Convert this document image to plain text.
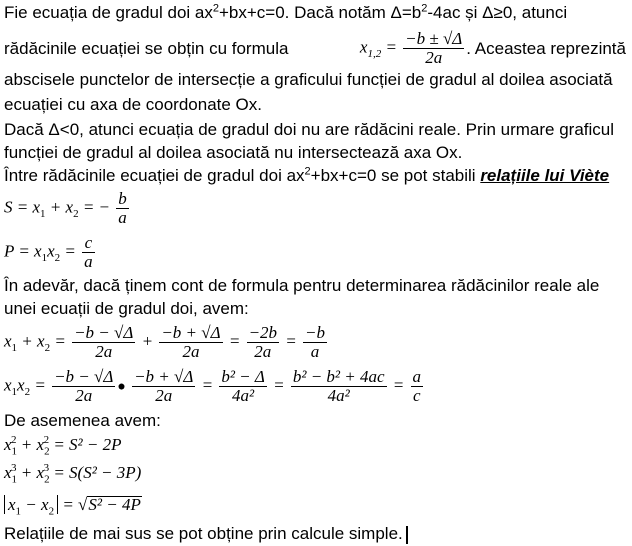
Fie ecuația de gradul doi $ax^2+bx+c=0$. Dacă notăm $\Delta=b^2-4ac$ și Δ≥0, atunci
rădăcinile ecuației se obțin cu formula	$x_{1,2} = \frac{-b \pm √\Delta}{2a}$ . Aceastea reprezintă
abscisele punctelor de intersecție a graficului funcției de gradul al doilea asociată
ecuației cu axa de coordonate Ox.
Dacă Δ<0, atunci ecuația de gradul doi nu are rădăcini reale. Prin urmare graficul
funcției de gradul al doilea asociată nu intersectează axa Ox.
Între rădăcinile ecuației de gradul doi $ax^2+bx+c=0$ se pot stabili relațiile lui Viète
$S = x_1 + x_2$ = − $\frac{b}{a}$
$P = x_1x_2 = \frac{c}{a}$
În adevăr, dacă ținem cont de formula pentru determinarea rădăcinilor reale ale
unei ecuații de gradul doi, avem:
$x_1 + x_2 = \frac{-b - √\Delta}{2a} + \frac{-b + √\Delta}{2a} = \frac{-2b}{2a} = \frac{-b}{a}$
$x_1x_2 = \frac{-b - √\Delta}{2a}$ ● $\frac{-b + √\Delta}{2a} = \frac{\text{b² − Δ}}{\text{4a²}} = \frac{\text{b² − b² + 4ac}}{\text{4a²}} = \frac{a}{c}$
De asemenea avem:
$x_1^2 + x_2^2 = S^2 - 2P$
$x_1^3 + x_2^3 = S(S^2 - 3P)$
$x_1 - x_2 = √S^2 - 4P$
Relațiile de mai sus se pot obține prin calcule simple.
